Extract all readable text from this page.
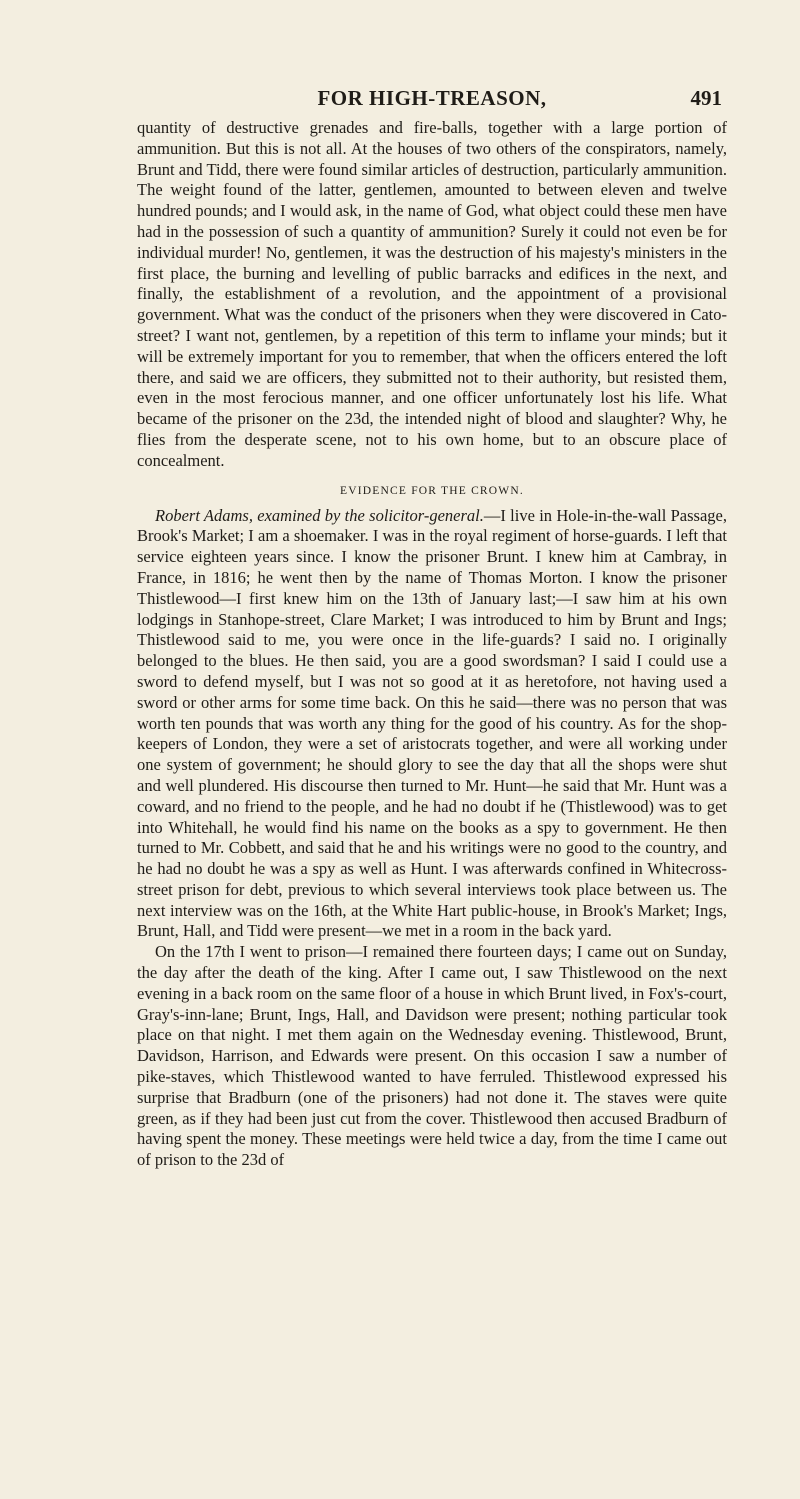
FOR HIGH-TREASON,	491

quantity of destructive grenades and fire-balls, together with a large portion of ammunition. But this is not all. At the houses of two others of the conspirators, namely, Brunt and Tidd, there were found similar articles of destruction, particularly ammunition. The weight found of the latter, gentlemen, amounted to between eleven and twelve hundred pounds; and I would ask, in the name of God, what object could these men have had in the possession of such a quantity of ammunition? Surely it could not even be for individual murder! No, gentlemen, it was the destruction of his majesty's ministers in the first place, the burning and levelling of public barracks and edifices in the next, and finally, the establishment of a revolution, and the appointment of a provisional government. What was the conduct of the prisoners when they were discovered in Cato-street? I want not, gentlemen, by a repetition of this term to inflame your minds; but it will be extremely important for you to remember, that when the officers entered the loft there, and said we are officers, they submitted not to their authority, but resisted them, even in the most ferocious manner, and one officer unfortunately lost his life. What became of the prisoner on the 23d, the intended night of blood and slaughter? Why, he flies from the desperate scene, not to his own home, but to an obscure place of concealment.

EVIDENCE FOR THE CROWN.

Robert Adams, examined by the solicitor-general.—I live in Hole-in-the-wall Passage, Brook's Market; I am a shoemaker. I was in the royal regiment of horse-guards. I left that service eighteen years since. I know the prisoner Brunt. I knew him at Cambray, in France, in 1816; he went then by the name of Thomas Morton. I know the prisoner Thistlewood—I first knew him on the 13th of January last;—I saw him at his own lodgings in Stanhope-street, Clare Market; I was introduced to him by Brunt and Ings; Thistlewood said to me, you were once in the life-guards? I said no. I originally belonged to the blues. He then said, you are a good swordsman? I said I could use a sword to defend myself, but I was not so good at it as heretofore, not having used a sword or other arms for some time back. On this he said—there was no person that was worth ten pounds that was worth any thing for the good of his country. As for the shop-keepers of London, they were a set of aristocrats together, and were all working under one system of government; he should glory to see the day that all the shops were shut and well plundered. His discourse then turned to Mr. Hunt—he said that Mr. Hunt was a coward, and no friend to the people, and he had no doubt if he (Thistlewood) was to get into Whitehall, he would find his name on the books as a spy to government. He then turned to Mr. Cobbett, and said that he and his writings were no good to the country, and he had no doubt he was a spy as well as Hunt. I was afterwards confined in Whitecross-street prison for debt, previous to which several interviews took place between us. The next interview was on the 16th, at the White Hart public-house, in Brook's Market; Ings, Brunt, Hall, and Tidd were present—we met in a room in the back yard.

On the 17th I went to prison—I remained there fourteen days; I came out on Sunday, the day after the death of the king. After I came out, I saw Thistlewood on the next evening in a back room on the same floor of a house in which Brunt lived, in Fox's-court, Gray's-inn-lane; Brunt, Ings, Hall, and Davidson were present; nothing particular took place on that night. I met them again on the Wednesday evening. Thistlewood, Brunt, Davidson, Harrison, and Edwards were present. On this occasion I saw a number of pike-staves, which Thistlewood wanted to have ferruled. Thistlewood expressed his surprise that Bradburn (one of the prisoners) had not done it. The staves were quite green, as if they had been just cut from the cover. Thistlewood then accused Bradburn of having spent the money. These meetings were held twice a day, from the time I came out of prison to the 23d of
